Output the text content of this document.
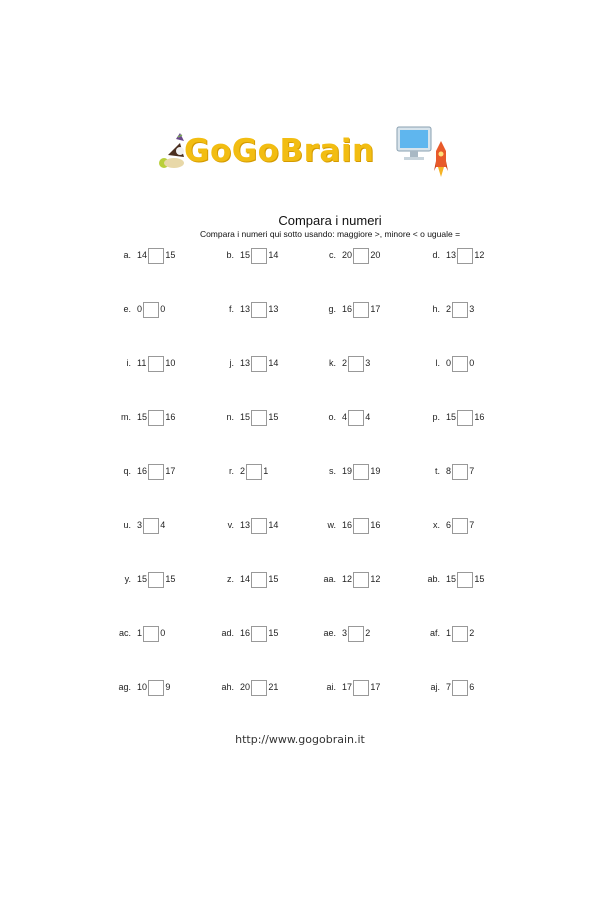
GoGoBrain
Compara i numeri
Compara i numeri qui sotto usando: maggiore >, minore < o uguale =
a. 14 15	b. 15 14	c. 20 20	d. 13 12
e. 0 0	f. 13 13	g. 16 17	h. 2 3
i. 11 10	j. 13 14	k. 2 3	l. 0 0
m. 15 16	n. 15 15	o. 4 4	p. 15 16
q. 16 17	r. 2 1	s. 19 19	t. 8 7
u. 3 4	v. 13 14	w. 16 16	x. 6 7
y. 15 15	z. 14 15	aa. 12 12	ab. 15 15
ac. 1 0	ad. 16 15	ae. 3 2	af. 1 2
ag. 10 9	ah. 20 21	ai. 17 17	aj. 7 6
http://www.gogobrain.it
